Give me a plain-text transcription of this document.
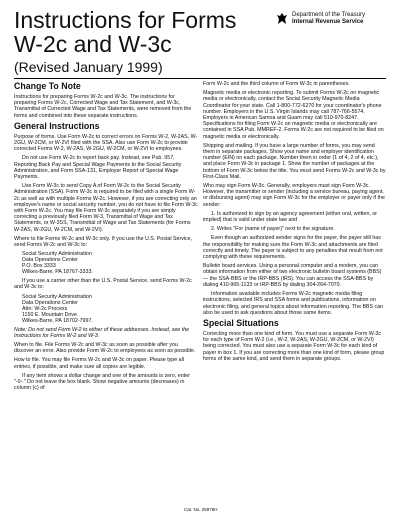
Instructions for Forms
W-2c and W-3c
(Revised January 1999)
Department of the Treasury
Internal Revenue Service
Change To Note

Instructions for preparing Forms W-2c and W-3c. The instructions for preparing Forms W-2c, Corrected Wage and Tax Statement, and W-3c, Transmittal of Corrected Wage and Tax Statements, were removed from the forms and combined into these separate instructions.

General Instructions

Purpose of forms. Use Form W-2c to correct errors on Forms W-2, W-2AS, W-2GU, W-2CM, or W-2VI filed with the SSA. Also use Form W-2c to provide corrected Forms W-2, W-2AS, W-2GU, W-2CM, or W-2VI to employees.

Do not use Form W-2c to report back pay. Instead, see Pub. 957, Reporting Back Pay and Special Wage Payments to the Social Security Administration, and Form SSA-131, Employer Report of Special Wage Payments.

Use Form W-3c to send Copy A of Form W-2c to the Social Security Administration (SSA). Form W-3c is required to be filed with a single Form W-2c as well as with multiple Forms W-2c. However, if you are correcting only an employee's name or social security number, you do not have to file Form W-3c with Form W-2c. You may file Form W-3c separately if you are simply correcting a previously filed Form W-3, Transmittal of Wage and Tax Statements, or W-3SS, Transmittal of Wage and Tax Statements (for Forms W-2AS, W-2GU, W-2CM, and W-2VI).

Where to file Forms W-2c and W-3c only. If you use the U.S. Postal Service, send Forms W-2c and W-3c to:

Social Security Administration
Data Operations Center
P.O. Box 3333
Wilkes-Barre, PA 18767-3333.

If you use a carrier other than the U.S. Postal Service, send Forms W-2c and W-3c to:

Social Security Administration
Data Operations Center
Attn: W-2c Process
1150 E. Mountain Drive
Wilkes-Barre, PA 18702-7997.

Note: Do not send Form W-2 to either of these addresses. Instead, see the Instructions for Forms W-2 and W-3.

When to file. File Forms W-2c and W-3c as soon as possible after you discover an error. Also provide Form W-2c to employees as soon as possible.

How to file. You may file Forms W-2c and W-3c on paper. Please type all entries, if possible, and make sure all copies are legible.

If any item shows a dollar change and one of the amounts is zero, enter "-0-." Do not leave the box blank. Show negative amounts (decreases) in column (c) of

Form W-2c and the third column of Form W-3c in parentheses.

Magnetic media or electronic reporting. To submit Forms W-2c on magnetic media or electronically, contact the Social Security Magnetic Media Coordinator for your state. Call 1-800-772-6270 for your coordinator's phone number. Employers in the U.S. Virgin Islands may call 787-766-5574. Employers in American Samoa and Guam may call 510-970-8247. Specifications for filing Form W-2c on magnetic media or electronically are contained in SSA Pub. MMREF-2. Forms W-2c are not required to be filed on magnetic media or electronically.

Shipping and mailing. If you have a large number of forms, you may send them in separate packages. Show your name and employer identification number (EIN) on each package. Number them in order (1 of 4, 2 of 4, etc.), and place Form W-3c in package 1. Show the number of packages at the bottom of Form W-3c below the title. You must send Forms W-2c and W-3c by First-Class Mail.

Who may sign Form W-3c. Generally, employers must sign Form W-3c. However, the transmitter or sender (including a service bureau, paying agent, or disbursing agent) may sign Form W-3c for the employer or payer only if the sender:

1. Is authorized to sign by an agency agreement (either oral, written, or implied) that is valid under state law and

2. Writes "For (name of payer)" next to the signature.

Even though an authorized sender signs for the payer, the payer still has the responsibility for making sure the Form W-3c and attachments are filed correctly and timely. The payer is subject to any penalties that result from not complying with these requirements.

Bulletin board services. Using a personal computer and a modem, you can obtain information from either of two electronic bulletin board systems (BBS) — the SSA-BBS or the IRP-BBS (IRS). You can access the SSA-BBS by dialing 410-965-1133 or IRP-BBS by dialing 304-264-7070.

Information available includes Forms W-2c magnetic media filing instructions, selected IRS and SSA forms and publications, information on electronic filing, and general topics about information reporting. The BBS can also be used to ask questions about those same items.

Special Situations

Correcting more than one kind of form. You must use a separate Form W-3c for each type of Form W-2 (i.e., W-2, W-2AS, W-2GU, W-2CM, or W-2VI) being corrected. You must also use a separate Form W-3c for each kind of payer in box 1. If you are correcting more than one kind of form, please group forms of the same kind, and send them in separate groups.

Cat. No. 25978H
